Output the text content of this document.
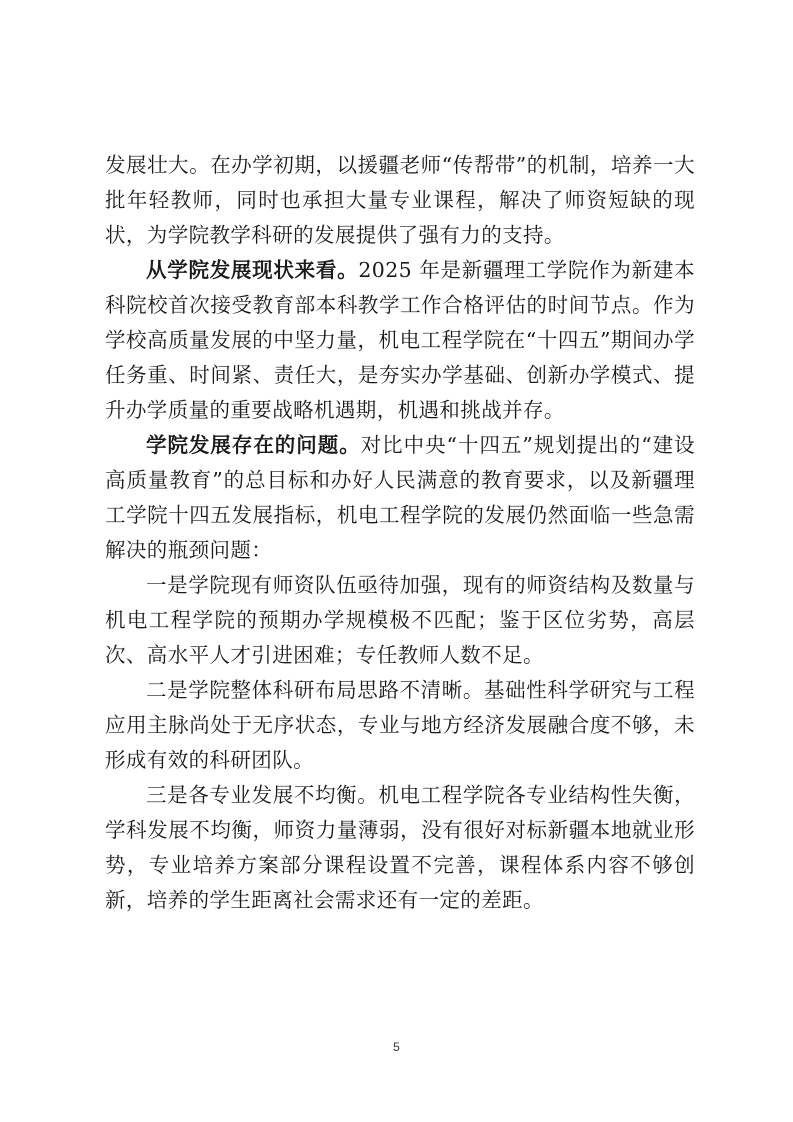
发展壮大。在办学初期，以援疆老师“传帮带”的机制，培养一大批年轻教师，同时也承担大量专业课程，解决了师资短缺的现状，为学院教学科研的发展提供了强有力的支持。

从学院发展现状来看。2025 年是新疆理工学院作为新建本科院校首次接受教育部本科教学工作合格评估的时间节点。作为学校高质量发展的中坚力量，机电工程学院在“十四五”期间办学任务重、时间紧、责任大，是夯实办学基础、创新办学模式、提升办学质量的重要战略机遇期，机遇和挑战并存。

学院发展存在的问题。对比中央“十四五”规划提出的“建设高质量教育”的总目标和办好人民满意的教育要求，以及新疆理工学院十四五发展指标，机电工程学院的发展仍然面临一些急需解决的瓶颈问题：

一是学院现有师资队伍亟待加强，现有的师资结构及数量与机电工程学院的预期办学规模极不匹配；鉴于区位劣势，高层次、高水平人才引进困难；专任教师人数不足。

二是学院整体科研布局思路不清晰。基础性科学研究与工程应用主脉尚处于无序状态，专业与地方经济发展融合度不够，未形成有效的科研团队。

三是各专业发展不均衡。机电工程学院各专业结构性失衡，学科发展不均衡，师资力量薄弱，没有很好对标新疆本地就业形势，专业培养方案部分课程设置不完善，课程体系内容不够创新，培养的学生距离社会需求还有一定的差距。

5
